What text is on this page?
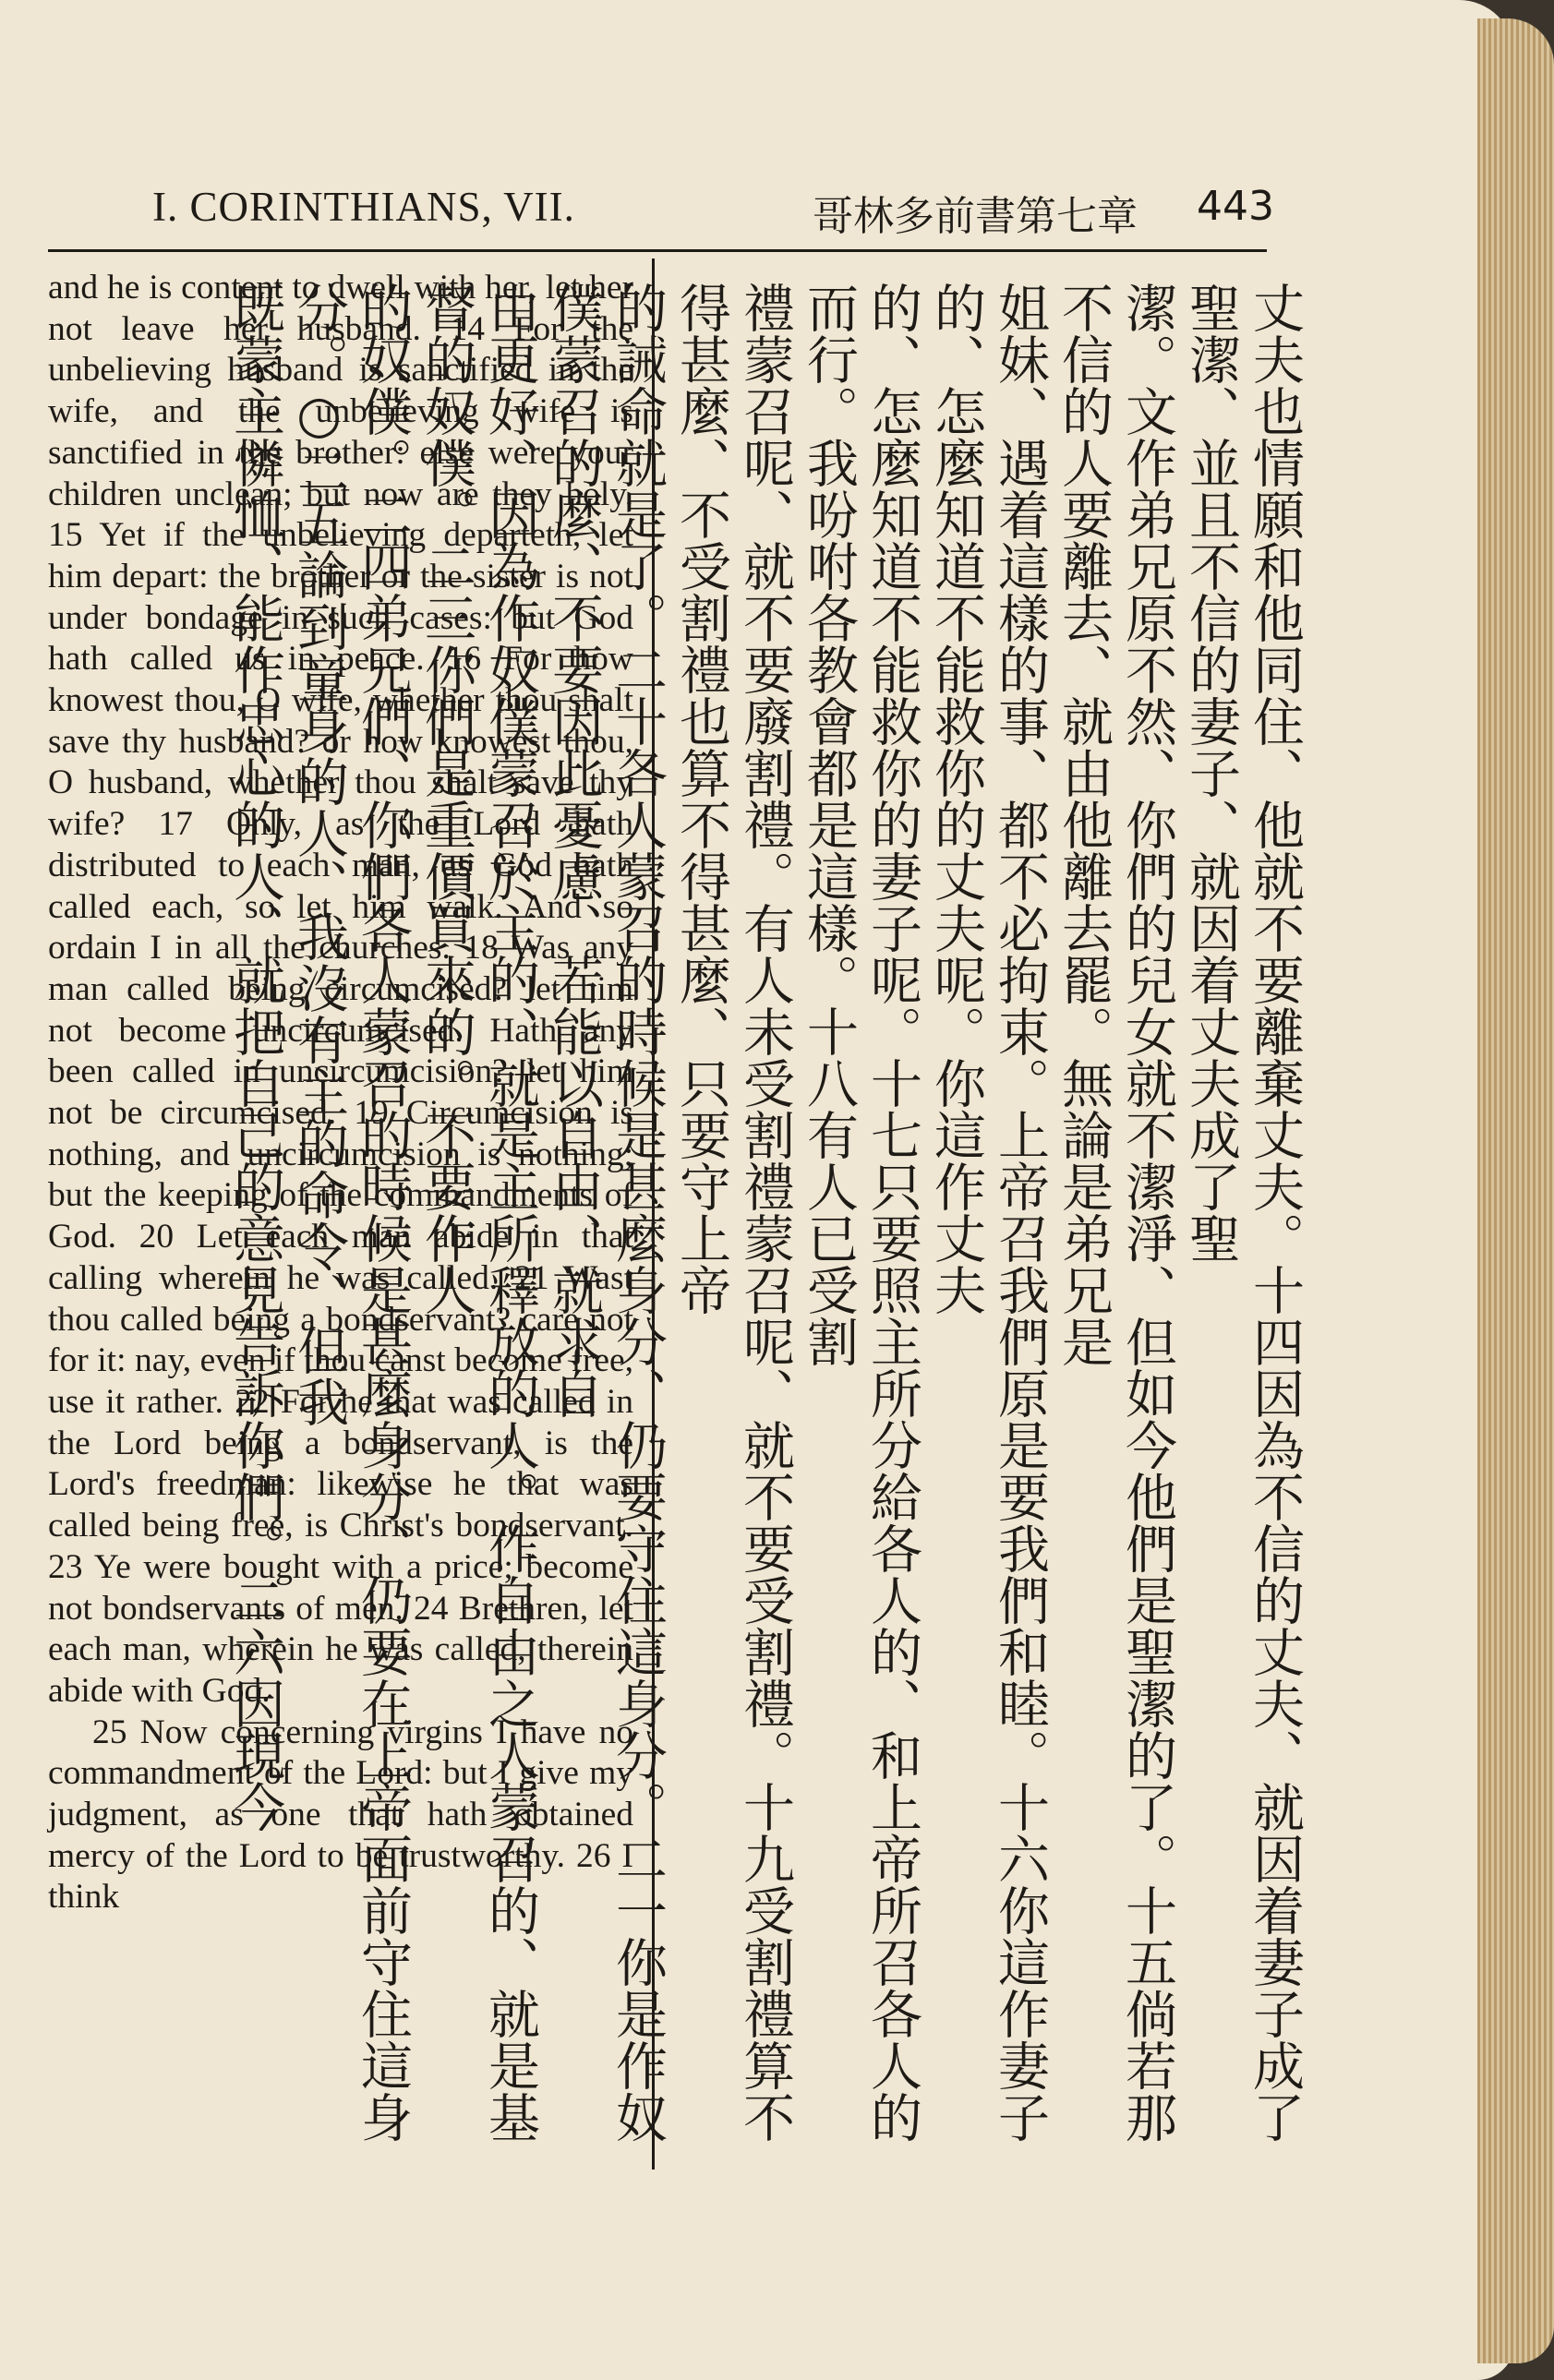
I. CORINTHIANS, VII.	哥林多前書第七章 443

and he is content to dwell with her, let her not leave her husband. 14 For the unbelieving husband is sanctified in the wife, and the unbelieving wife is sanctified in the brother: else were your children unclean; but now are they holy. 15 Yet if the unbelieving departeth, let him depart: the brother or the sister is not under bondage in such cases: but God hath called us in peace. 16 For how knowest thou, O wife, whether thou shalt save thy husband? or how knowest thou, O husband, whether thou shalt save thy wife? 17 Only, as the Lord hath distributed to each man, as God hath called each, so let him walk. And so ordain I in all the churches. 18 Was any man called being circumcised? let him not become uncircumcised. Hath any been called in uncircumcision? let him not be circumcised. 19 Circumcision is nothing, and uncircumcision is nothing; but the keeping of the commandments of God. 20 Let each man abide in that calling wherein he was called. 21 Wast thou called being a bondservant? care not for it: nay, even if thou canst become free, use it rather. 22 For he that was called in the Lord being a bondservant, is the Lord's freedman: likewise he that was called being free, is Christ's bondservant. 23 Ye were bought with a price; become not bondservants of men. 24 Brethren, let each man, wherein he was called, therein abide with God.

25 Now concerning virgins I have no commandment of the Lord: but I give my judgment, as one that hath obtained mercy of the Lord to be trustworthy. 26 I think	丈夫也情願和他同住、他就不要離棄丈夫。十四因為不信的丈夫、就因着妻子成了聖潔、並且不信的妻子、就因着丈夫成了聖
潔。文作弟兄原不然、你們的兒女就不潔淨、但如今他們是聖潔的了。十五倘若那不信的人要離去、就由他離去罷。無論是弟兄是
姐妹、遇着這樣的事、都不必拘束。上帝召我們原是要我們和睦。十六你這作妻子的、怎麼知道不能救你的丈夫呢。你這作丈夫
的、怎麼知道不能救你的妻子呢。十七只要照主所分給各人的、和上帝所召各人的而行。我吩咐各教會都是這樣。十八有人已受割
禮蒙召呢、就不要廢割禮。有人未受割禮蒙召呢、就不要受割禮。十九受割禮算不得甚麼、不受割禮也算不得甚麼、只要守上帝
的誡命就是了。二十各人蒙召的時候是甚麼身分、仍要守住這身分。二一你是作奴僕蒙召的麼、不要因此憂慮、若能以自由、就求自
由更好、因為作奴僕蒙召於主的、就是主所釋放的人。作自由之人蒙召的、就是基督的奴僕。二三你們是重價買來的。不要作人
的奴僕。二四弟兄們、你們各人蒙召的時候是甚麼身分、仍要在上帝面前守住這身分。○二五論到童身的人、我沒有主的命令、但我
既蒙主憐恤、能作忠心的人、就把自己的意見告訴你們。二六因現今
